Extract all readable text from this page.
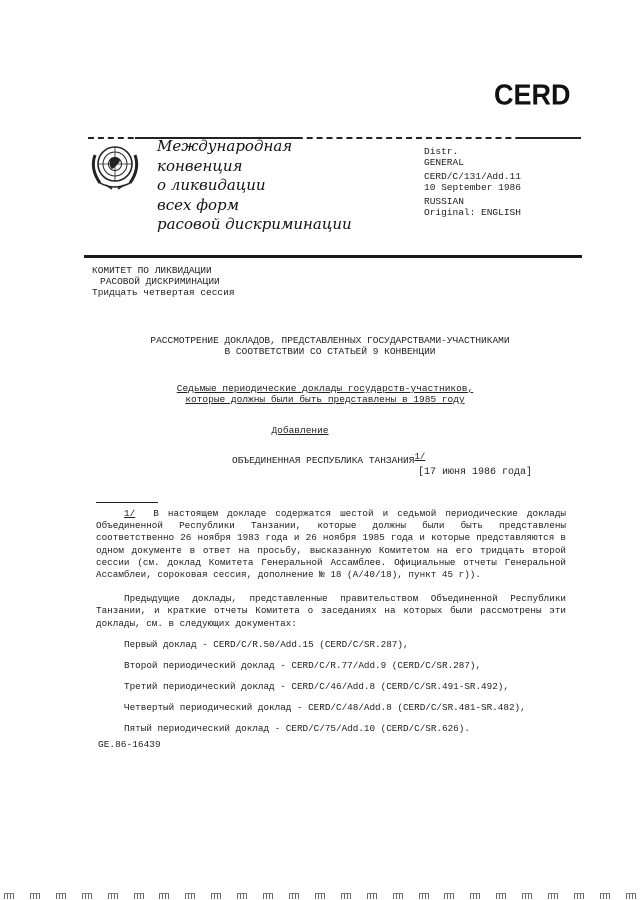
CERD
Международная
конвенция
о ликвидации
всех форм
расовой дискриминации
Distr.
GENERAL
CERD/C/131/Add.11
10 September 1986
RUSSIAN
Original: ENGLISH
КОМИТЕТ ПО ЛИКВИДАЦИИ
РАСОВОЙ ДИСКРИМИНАЦИИ
Тридцать четвертая сессия
РАССМОТРЕНИЕ ДОКЛАДОВ, ПРЕДСТАВЛЕННЫХ ГОСУДАРСТВАМИ-УЧАСТНИКАМИ
В СООТВЕТСТВИИ СО СТАТЬЕЙ 9 КОНВЕНЦИИ
Седьмые периодические доклады государств-участников,
которые должны были быть представлены в 1985 году
Добавление
ОБЪЕДИНЕННАЯ РЕСПУБЛИКА $ТАНЗАНИЯ^{1/}$
[17 июня 1986 года]

1/ В настоящем докладе содержатся шестой и седьмой периодические доклады Объединенной Республики Танзании, которые должны были быть представлены соответственно 26 ноября 1983 года и 26 ноября 1985 года и которые представляются в одном документе в ответ на просьбу, высказанную Комитетом на его тридцать второй сессии (см. доклад Комитета Генеральной Ассамблее. Официальные отчеты Генеральной Ассамблеи, сороковая сессия, дополнение № 18 (А/40/18), пункт 45 г)).

Предыдущие доклады, представленные правительством Объединенной Республики Танзании, и краткие отчеты Комитета о заседаниях на которых были рассмотрены эти доклады, см. в следующих документах:

Первый доклад - CERD/C/R.50/Add.15 (CERD/C/SR.287),
Второй периодический доклад - CERD/C/R.77/Add.9 (CERD/C/SR.287),
Третий периодический доклад - CERD/C/46/Add.8 (CERD/C/SR.491-SR.492),
Четвертый периодический доклад - CERD/C/48/Add.8 (CERD/C/SR.481-SR.482),
Пятый периодический доклад - CERD/C/75/Add.10 (CERD/C/SR.626).
GE.86-16439
